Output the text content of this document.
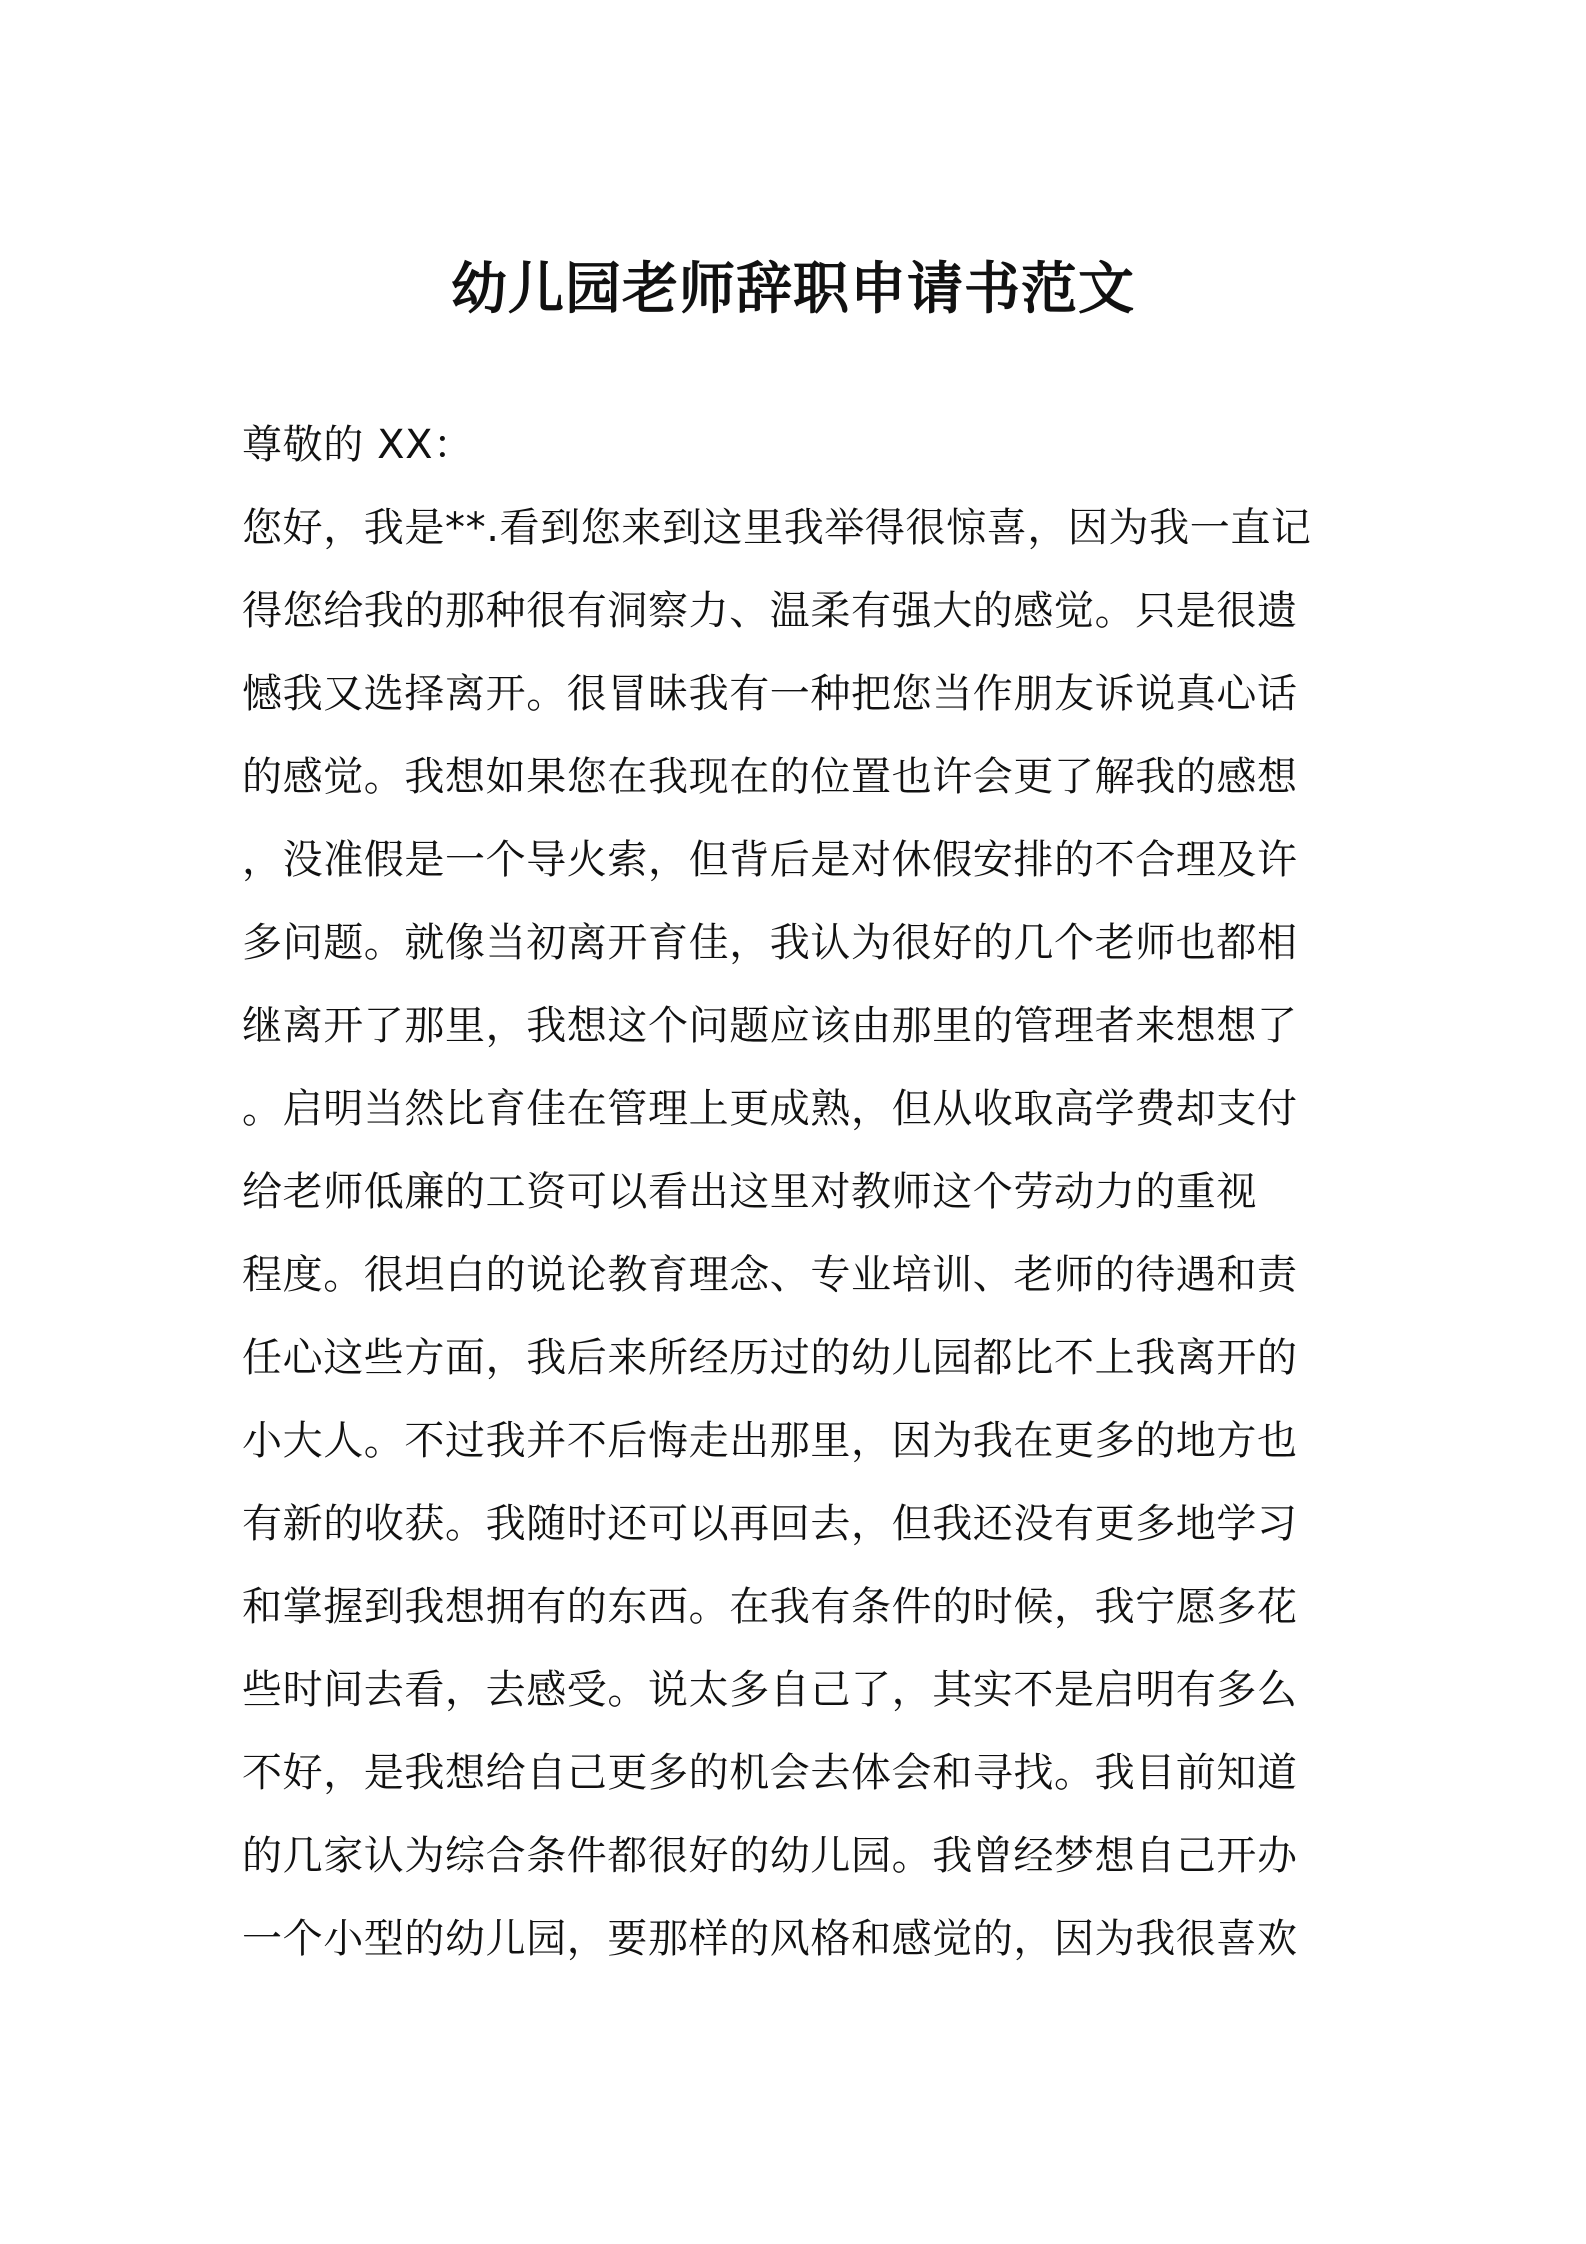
幼儿园老师辞职申请书范文

尊敬的 XX：

您好，我是**.看到您来到这里我举得很惊喜，因为我一直记

得您给我的那种很有洞察力、温柔有强大的感觉。只是很遗

憾我又选择离开。很冒昧我有一种把您当作朋友诉说真心话

的感觉。我想如果您在我现在的位置也许会更了解我的感想

，没准假是一个导火索，但背后是对休假安排的不合理及许

多问题。就像当初离开育佳，我认为很好的几个老师也都相

继离开了那里，我想这个问题应该由那里的管理者来想想了

。启明当然比育佳在管理上更成熟，但从收取高学费却支付

给老师低廉的工资可以看出这里对教师这个劳动力的重视

程度。很坦白的说论教育理念、专业培训、老师的待遇和责

任心这些方面，我后来所经历过的幼儿园都比不上我离开的

小大人。不过我并不后悔走出那里，因为我在更多的地方也

有新的收获。我随时还可以再回去，但我还没有更多地学习

和掌握到我想拥有的东西。在我有条件的时候，我宁愿多花

些时间去看，去感受。说太多自己了，其实不是启明有多么

不好，是我想给自己更多的机会去体会和寻找。我目前知道

的几家认为综合条件都很好的幼儿园。我曾经梦想自己开办

一个小型的幼儿园，要那样的风格和感觉的，因为我很喜欢
